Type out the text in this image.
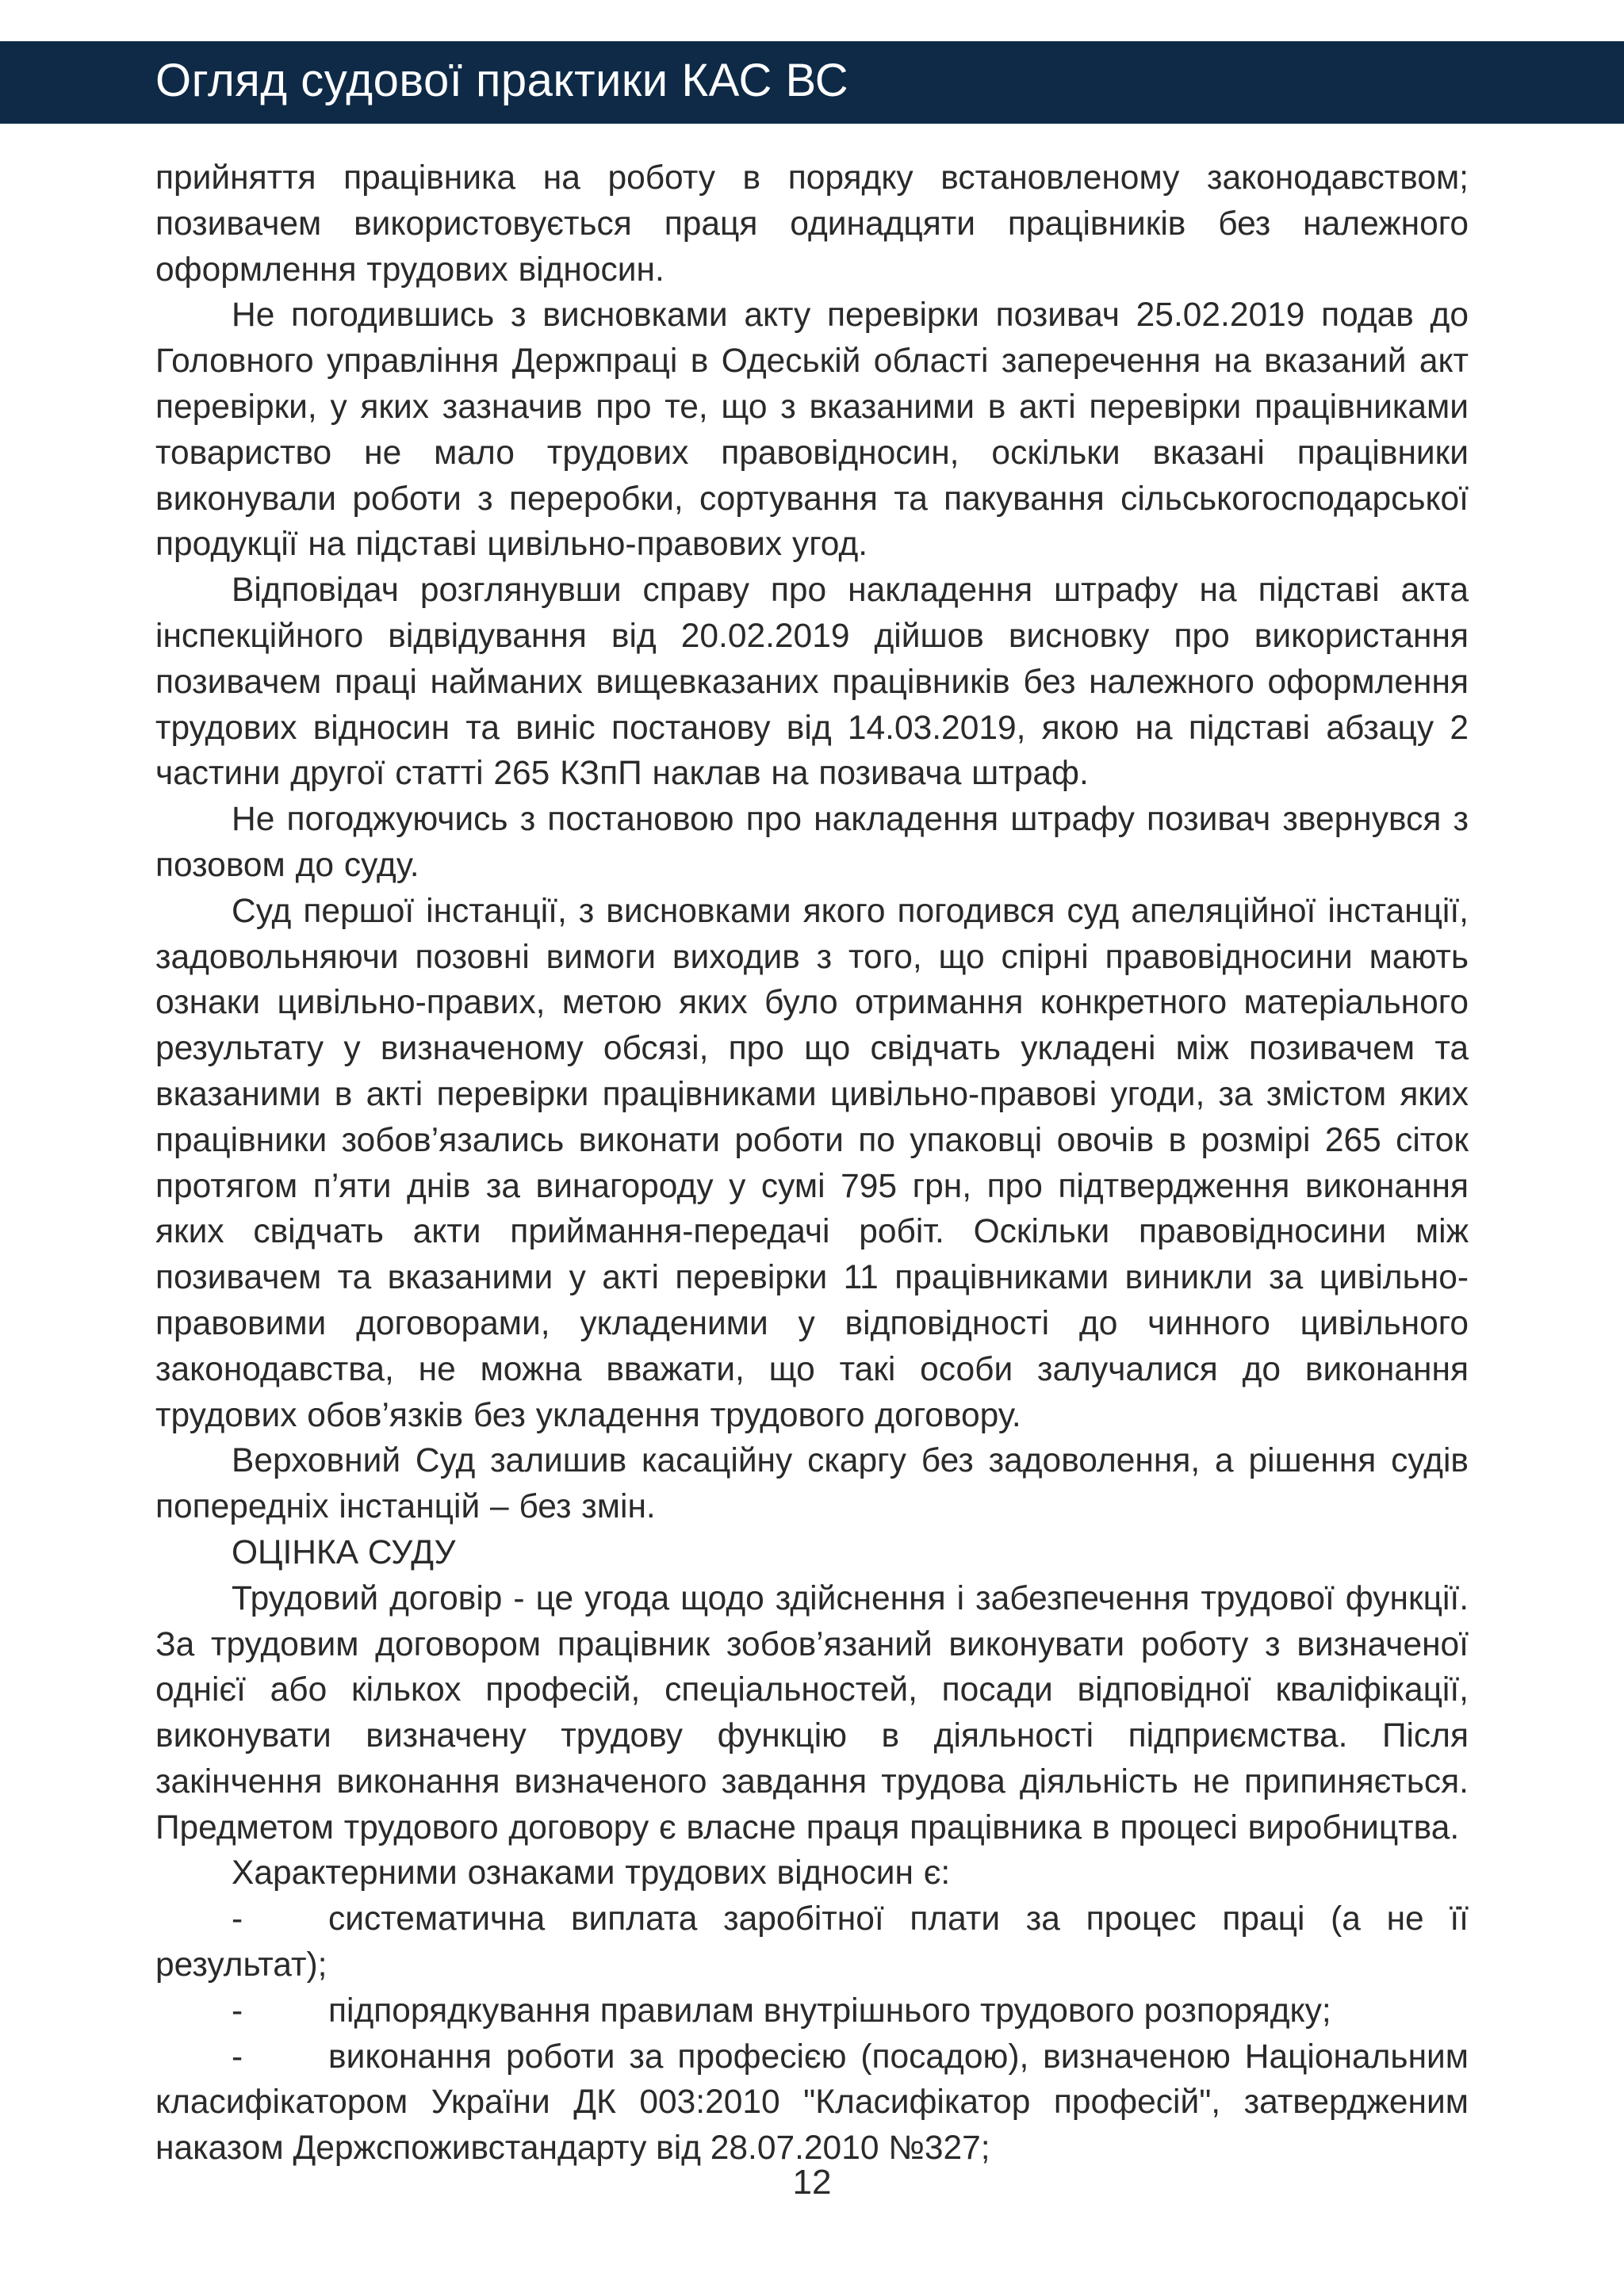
Огляд судової практики КАС ВС

прийняття працівника на роботу в порядку встановленому законодавством; позивачем використовується праця одинадцяти працівників без належного оформлення трудових відносин.

Не погодившись з висновками акту перевірки позивач 25.02.2019 подав до Головного управління Держпраці в Одеській області заперечення на вказаний акт перевірки, у яких зазначив про те, що з вказаними в акті перевірки працівниками товариство не мало трудових правовідносин, оскільки вказані працівники виконували роботи з переробки, сортування та пакування сільськогосподарської продукції на підставі цивільно-правових угод.

Відповідач розглянувши справу про накладення штрафу на підставі акта інспекційного відвідування від 20.02.2019 дійшов висновку про використання позивачем праці найманих вищевказаних працівників без належного оформлення трудових відносин та виніс постанову від 14.03.2019, якою на підставі абзацу 2 частини другої статті 265 КЗпП наклав на позивача штраф.

Не погоджуючись з постановою про накладення штрафу позивач звернувся з позовом до суду.

Суд першої інстанції, з висновками якого погодився суд апеляційної інстанції, задовольняючи позовні вимоги виходив з того, що спірні правовідносини мають ознаки цивільно-правих, метою яких було отримання конкретного матеріального результату у визначеному обсязі, про що свідчать укладені між позивачем та вказаними в акті перевірки працівниками цивільно-правові угоди, за змістом яких працівники зобов’язались виконати роботи по упаковці овочів в розмірі 265 сіток протягом п’яти днів за винагороду у сумі 795 грн, про підтвердження виконання яких свідчать акти приймання-передачі робіт. Оскільки правовідносини між позивачем та вказаними у акті перевірки 11 працівниками виникли за цивільно-правовими договорами, укладеними у відповідності до чинного цивільного законодавства, не можна вважати, що такі особи залучалися до виконання трудових обов’язків без укладення трудового договору.

Верховний Суд залишив касаційну скаргу без задоволення, а рішення судів попередніх інстанцій – без змін.

ОЦІНКА СУДУ

Трудовий договір - це угода щодо здійснення і забезпечення трудової функції. За трудовим договором працівник зобов’язаний виконувати роботу з визначеної однієї або кількох професій, спеціальностей, посади відповідної кваліфікації, виконувати визначену трудову функцію в діяльності підприємства. Після закінчення виконання визначеного завдання трудова діяльність не припиняється. Предметом трудового договору є власне праця працівника в процесі виробництва.

Характерними ознаками трудових відносин є:

-	систематична виплата заробітної плати за процес праці (а не її результат);

-	підпорядкування правилам внутрішнього трудового розпорядку;

-	виконання роботи за професією (посадою), визначеною Національним класифікатором України ДК 003:2010 "Класифікатор професій", затвердженим наказом Держспоживстандарту від 28.07.2010 №327;

12
